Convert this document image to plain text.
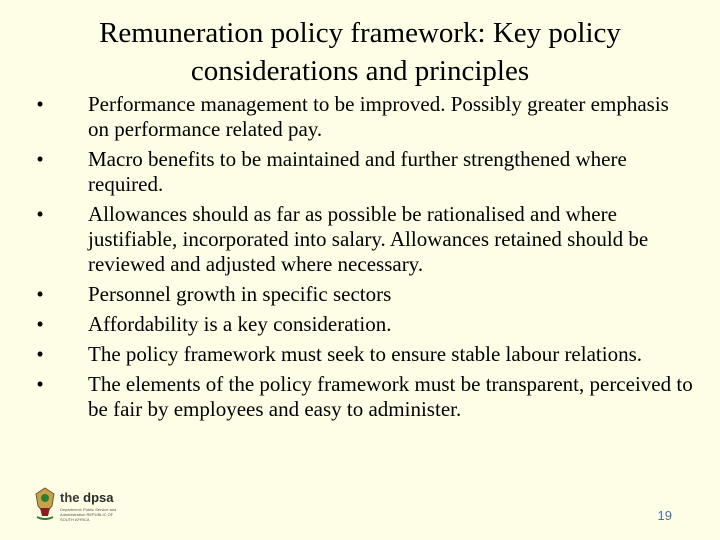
Remuneration policy framework: Key policy considerations and principles
•	Performance management to be improved. Possibly greater emphasis on performance related pay.
•	Macro benefits to be maintained and further strengthened where required.
•	Allowances should as far as possible be rationalised and where justifiable, incorporated into salary. Allowances retained should be reviewed and adjusted where necessary.
•	Personnel growth in specific sectors
•	Affordability is a key consideration.
•	The policy framework must seek to ensure stable labour relations.
•	The elements of the policy framework must be transparent, perceived to be fair by employees and easy to administer.
the dpsa
Department: Public Service and Administration REPUBLIC OF SOUTH AFRICA	19
